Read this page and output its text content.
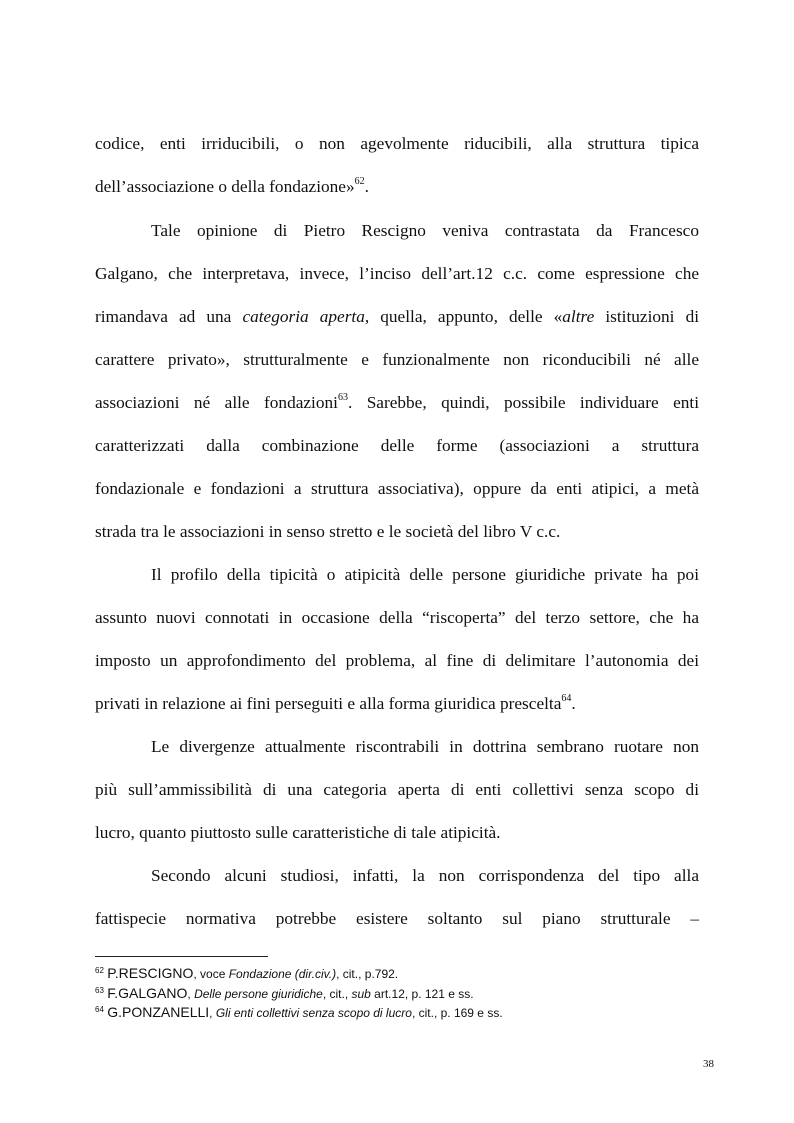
codice, enti irriducibili, o non agevolmente riducibili, alla struttura tipica
dell’associazione o della fondazione»$^{62}$.
Tale opinione di Pietro Rescigno veniva contrastata da Francesco
Galgano, che interpretava, invece, l’inciso dell’art.12 c.c. come espressione che
rimandava ad una categoria aperta, quella, appunto, delle «altre istituzioni di
carattere privato», strutturalmente e funzionalmente non riconducibili né alle
associazioni né alle fondazioni$^{63}$. Sarebbe, quindi, possibile individuare enti
caratterizzati dalla combinazione delle forme (associazioni a struttura
fondazionale e fondazioni a struttura associativa), oppure da enti atipici, a metà
strada tra le associazioni in senso stretto e le società del libro V c.c.
Il profilo della tipicità o atipicità delle persone giuridiche private ha poi
assunto nuovi connotati in occasione della “riscoperta” del terzo settore, che ha
imposto un approfondimento del problema, al fine di delimitare l’autonomia dei
privati in relazione ai fini perseguiti e alla forma giuridica prescelta$^{64}$.
Le divergenze attualmente riscontrabili in dottrina sembrano ruotare non
più sull’ammissibilità di una categoria aperta di enti collettivi senza scopo di
lucro, quanto piuttosto sulle caratteristiche di tale atipicità.
Secondo alcuni studiosi, infatti, la non corrispondenza del tipo alla
fattispecie normativa potrebbe esistere soltanto sul piano strutturale –
$^{62}$ P.RESCIGNO, voce Fondazione (dir.civ.), cit., p.792.
$^{63}$ F.GALGANO, Delle persone giuridiche, cit., sub art.12, p. 121 e ss.
$^{64}$ G.PONZANELLI, Gli enti collettivi senza scopo di lucro, cit., p. 169 e ss.
38
